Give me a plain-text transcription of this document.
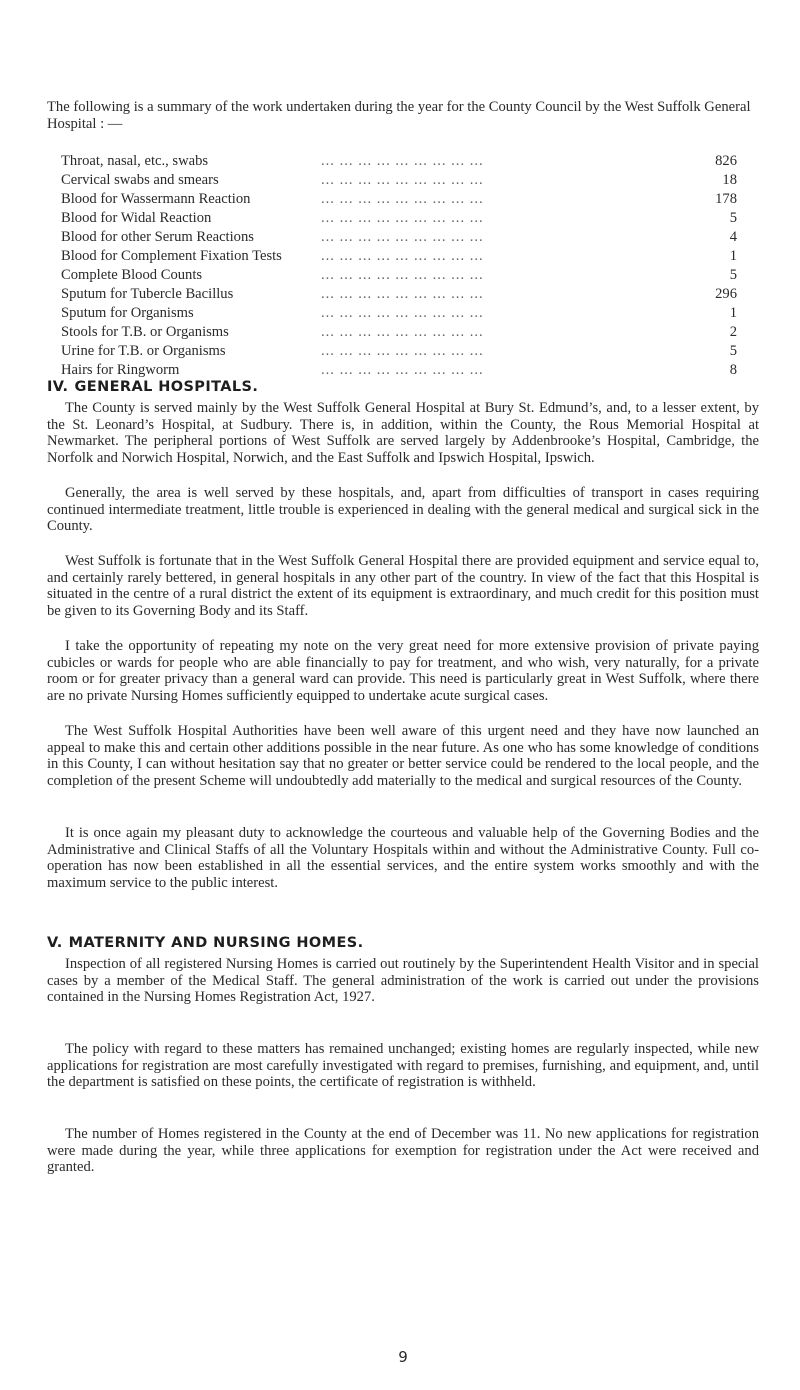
The following is a summary of the work undertaken during the year for the County Council by the West Suffolk General Hospital : —

Throat, nasal, etc., swabs	... ... ... ... ... ... ... ... ...	826
Cervical swabs and smears	... ... ... ... ... ... ... ... ...	18
Blood for Wassermann Reaction	... ... ... ... ... ... ... ... ...	178
Blood for Widal Reaction	... ... ... ... ... ... ... ... ...	5
Blood for other Serum Reactions	... ... ... ... ... ... ... ... ...	4
Blood for Complement Fixation Tests	... ... ... ... ... ... ... ... ...	1
Complete Blood Counts	... ... ... ... ... ... ... ... ...	5
Sputum for Tubercle Bacillus	... ... ... ... ... ... ... ... ...	296
Sputum for Organisms	... ... ... ... ... ... ... ... ...	1
Stools for T.B. or Organisms	... ... ... ... ... ... ... ... ...	2
Urine for T.B. or Organisms	... ... ... ... ... ... ... ... ...	5
Hairs for Ringworm	... ... ... ... ... ... ... ... ...	8
IV. GENERAL HOSPITALS.

The County is served mainly by the West Suffolk General Hospital at Bury St. Edmund’s, and, to a lesser extent, by the St. Leonard’s Hospital, at Sudbury. There is, in addition, within the County, the Rous Memorial Hospital at Newmarket. The peripheral portions of West Suffolk are served largely by Addenbrooke’s Hospital, Cambridge, the Norfolk and Norwich Hospital, Norwich, and the East Suffolk and Ipswich Hospital, Ipswich.

Generally, the area is well served by these hospitals, and, apart from difficulties of transport in cases requiring continued intermediate treatment, little trouble is experienced in dealing with the general medical and surgical sick in the County.

West Suffolk is fortunate that in the West Suffolk General Hospital there are provided equipment and service equal to, and certainly rarely bettered, in general hospitals in any other part of the country. In view of the fact that this Hospital is situated in the centre of a rural district the extent of its equipment is extraordinary, and much credit for this position must be given to its Governing Body and its Staff.

I take the opportunity of repeating my note on the very great need for more extensive provision of private paying cubicles or wards for people who are able financially to pay for treatment, and who wish, very naturally, for a private room or for greater privacy than a general ward can provide. This need is particularly great in West Suffolk, where there are no private Nursing Homes sufficiently equipped to undertake acute surgical cases.

The West Suffolk Hospital Authorities have been well aware of this urgent need and they have now launched an appeal to make this and certain other additions possible in the near future. As one who has some knowledge of conditions in this County, I can without hesitation say that no greater or better service could be rendered to the local people, and the completion of the present Scheme will undoubtedly add materially to the medical and surgical resources of the County.

It is once again my pleasant duty to acknowledge the courteous and valuable help of the Governing Bodies and the Administrative and Clinical Staffs of all the Voluntary Hospitals within and without the Administrative County. Full co-operation has now been established in all the essential services, and the entire system works smoothly and with the maximum service to the public interest.

V. MATERNITY AND NURSING HOMES.

Inspection of all registered Nursing Homes is carried out routinely by the Superintendent Health Visitor and in special cases by a member of the Medical Staff. The general administration of the work is carried out under the provisions contained in the Nursing Homes Registration Act, 1927.

The policy with regard to these matters has remained unchanged; existing homes are regularly inspected, while new applications for registration are most carefully investigated with regard to premises, furnishing, and equipment, and, until the department is satisfied on these points, the certificate of registration is withheld.

The number of Homes registered in the County at the end of December was 11. No new applications for registration were made during the year, while three applications for exemption for registration under the Act were received and granted.

9
